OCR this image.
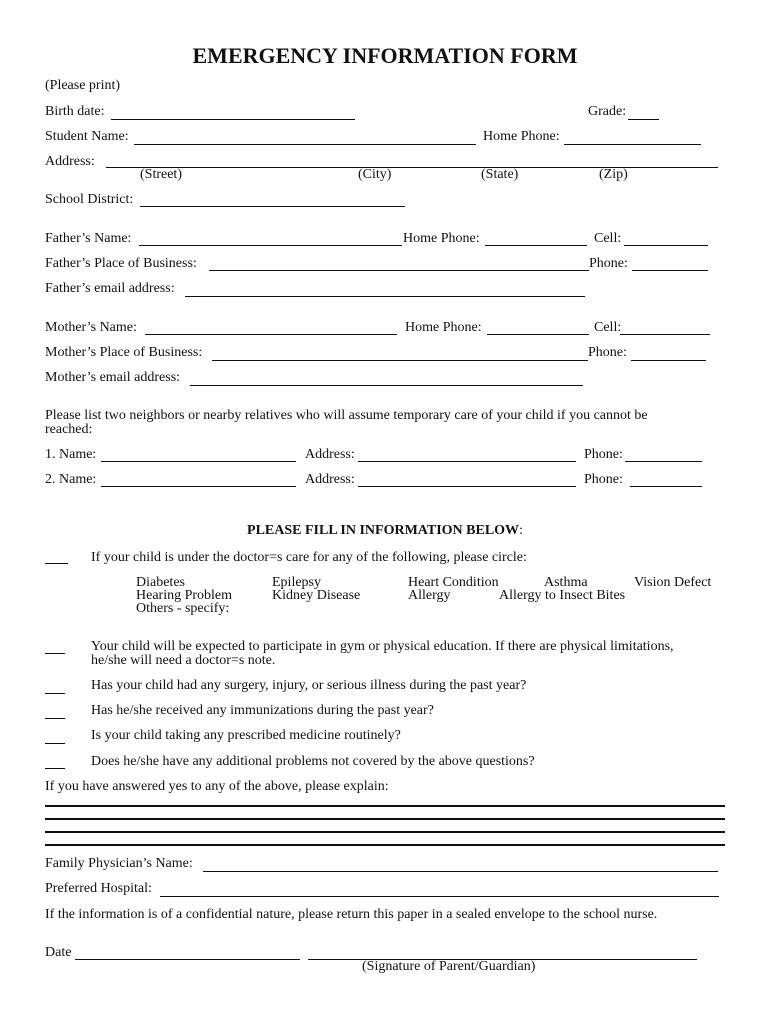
EMERGENCY INFORMATION FORM
(Please print)
Birth date:	Grade:
Student Name:	Home Phone:
Address:
(Street)	(City)	(State)	(Zip)
School District:
Father’s Name:	Home Phone:	Cell:
Father’s Place of Business:	Phone:
Father’s email address:
Mother’s Name:	Home Phone:	Cell:
Mother’s Place of Business:	Phone:
Mother’s email address:
Please list two neighbors or nearby relatives who will assume temporary care of your child if you cannot be
reached:
1. Name:	Address:	Phone:
2. Name:	Address:	Phone:
PLEASE FILL IN INFORMATION BELOW:
If your child is under the doctor=s care for any of the following, please circle:
Diabetes	Epilepsy	Heart Condition	Asthma	Vision Defect
Hearing Problem	Kidney Disease	Allergy	Allergy to Insect Bites
Others - specify:
Your child will be expected to participate in gym or physical education. If there are physical limitations,
he/she will need a doctor=s note.
Has your child had any surgery, injury, or serious illness during the past year?
Has he/she received any immunizations during the past year?
Is your child taking any prescribed medicine routinely?
Does he/she have any additional problems not covered by the above questions?
If you have answered yes to any of the above, please explain:
Family Physician’s Name:
Preferred Hospital:
If the information is of a confidential nature, please return this paper in a sealed envelope to the school nurse.
Date
(Signature of Parent/Guardian)
